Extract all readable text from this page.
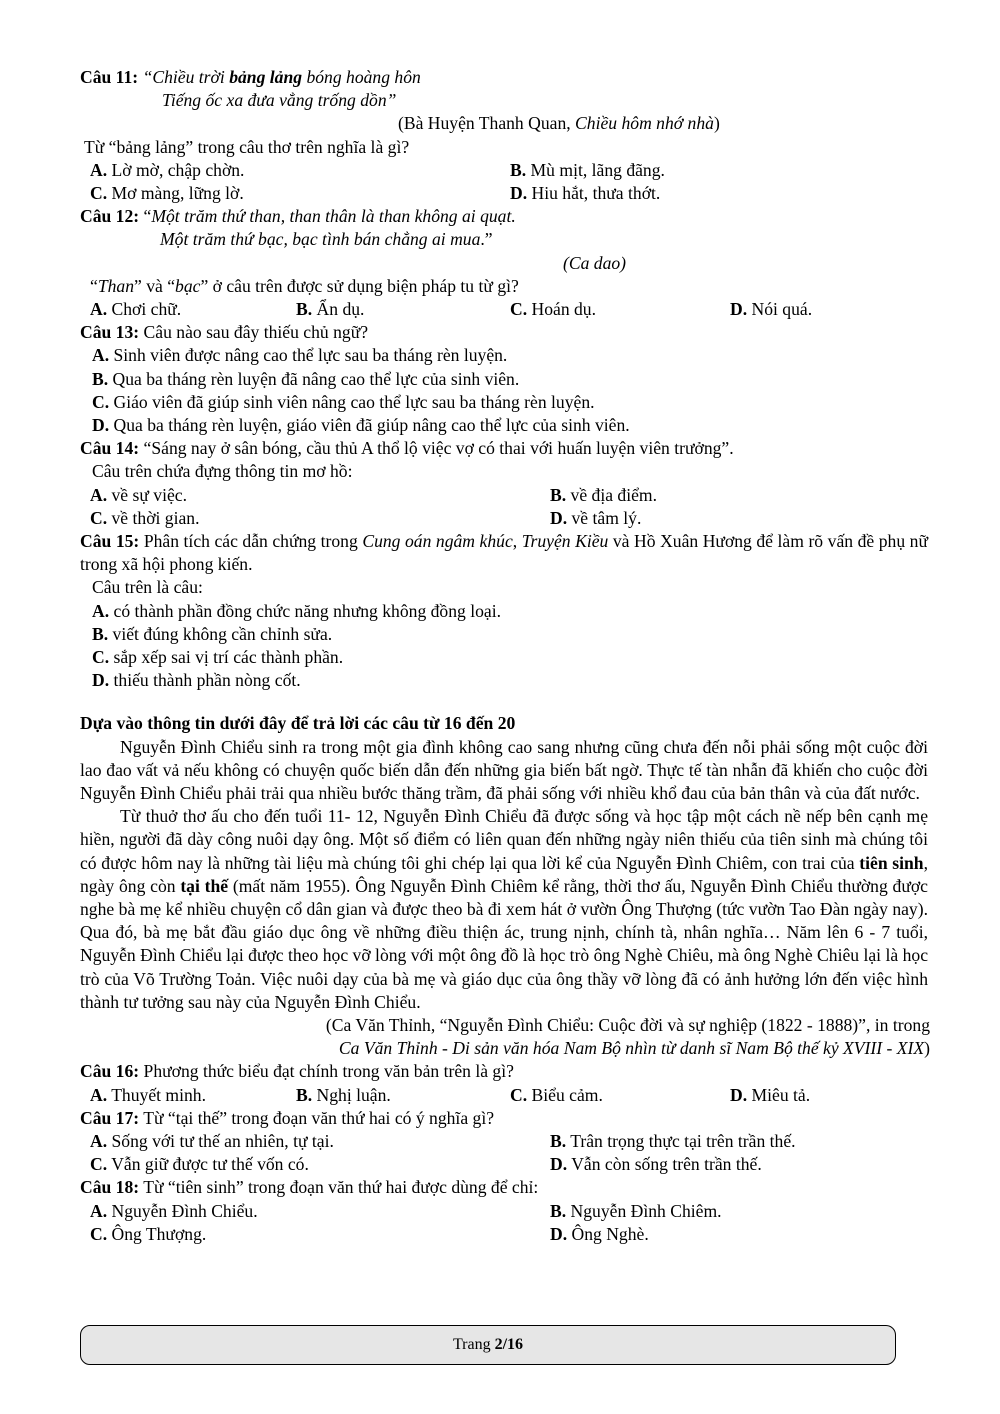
Câu 11: “Chiều trời bảng lảng bóng hoàng hôn
Tiếng ốc xa đưa vẳng trống dồn”
(Bà Huyện Thanh Quan, Chiều hôm nhớ nhà)
Từ “bảng lảng” trong câu thơ trên nghĩa là gì?
A. Lờ mờ, chập chờn.	B. Mù mịt, lãng đãng.
C. Mơ màng, lững lờ.	D. Hiu hắt, thưa thớt.
Câu 12: “Một trăm thứ than, than thân là than không ai quạt.
Một trăm thứ bạc, bạc tình bán chẳng ai mua.”
(Ca dao)
“Than” và “bạc” ở câu trên được sử dụng biện pháp tu từ gì?
A. Chơi chữ.	B. Ẩn dụ.	C. Hoán dụ.	D. Nói quá.
Câu 13: Câu nào sau đây thiếu chủ ngữ?
A. Sinh viên được nâng cao thể lực sau ba tháng rèn luyện.
B. Qua ba tháng rèn luyện đã nâng cao thể lực của sinh viên.
C. Giáo viên đã giúp sinh viên nâng cao thể lực sau ba tháng rèn luyện.
D. Qua ba tháng rèn luyện, giáo viên đã giúp nâng cao thể lực của sinh viên.
Câu 14: “Sáng nay ở sân bóng, cầu thủ A thổ lộ việc vợ có thai với huấn luyện viên trưởng”.
Câu trên chứa đựng thông tin mơ hồ:
A. về sự việc.	B. về địa điểm.
C. về thời gian.	D. về tâm lý.
Câu 15: Phân tích các dẫn chứng trong Cung oán ngâm khúc, Truyện Kiều và Hồ Xuân Hương để làm rõ vấn đề phụ nữ trong xã hội phong kiến.
Câu trên là câu:
A. có thành phần đồng chức năng nhưng không đồng loại.
B. viết đúng không cần chỉnh sửa.
C. sắp xếp sai vị trí các thành phần.
D. thiếu thành phần nòng cốt.
Dựa vào thông tin dưới đây để trả lời các câu từ 16 đến 20
Nguyễn Đình Chiểu sinh ra trong một gia đình không cao sang nhưng cũng chưa đến nỗi phải sống một cuộc đời lao đao vất vả nếu không có chuyện quốc biến dẫn đến những gia biến bất ngờ. Thực tế tàn nhẫn đã khiến cho cuộc đời Nguyễn Đình Chiểu phải trải qua nhiều bước thăng trầm, đã phải sống với nhiều khổ đau của bản thân và của đất nước.
Từ thuở thơ ấu cho đến tuổi 11- 12, Nguyễn Đình Chiểu đã được sống và học tập một cách nề nếp bên cạnh mẹ hiền, người đã dày công nuôi dạy ông. Một số điểm có liên quan đến những ngày niên thiếu của tiên sinh mà chúng tôi có được hôm nay là những tài liệu mà chúng tôi ghi chép lại qua lời kể của Nguyễn Đình Chiêm, con trai của tiên sinh, ngày ông còn tại thế (mất năm 1955). Ông Nguyễn Đình Chiêm kể rằng, thời thơ ấu, Nguyễn Đình Chiểu thường được nghe bà mẹ kể nhiều chuyện cổ dân gian và được theo bà đi xem hát ở vườn Ông Thượng (tức vườn Tao Đàn ngày nay). Qua đó, bà mẹ bắt đầu giáo dục ông về những điều thiện ác, trung nịnh, chính tà, nhân nghĩa… Năm lên 6 - 7 tuổi, Nguyễn Đình Chiểu lại được theo học vỡ lòng với một ông đồ là học trò ông Nghè Chiêu, mà ông Nghè Chiêu lại là học trò của Võ Trường Toản. Việc nuôi dạy của bà mẹ và giáo dục của ông thầy vỡ lòng đã có ảnh hưởng lớn đến việc hình thành tư tưởng sau này của Nguyễn Đình Chiểu.
(Ca Văn Thỉnh, “Nguyễn Đình Chiểu: Cuộc đời và sự nghiệp (1822 - 1888)”, in trong
Ca Văn Thỉnh - Di sản văn hóa Nam Bộ nhìn từ danh sĩ Nam Bộ thế kỷ XVIII - XIX)
Câu 16: Phương thức biểu đạt chính trong văn bản trên là gì?
A. Thuyết minh.	B. Nghị luận.	C. Biểu cảm.	D. Miêu tả.
Câu 17: Từ “tại thế” trong đoạn văn thứ hai có ý nghĩa gì?
A. Sống với tư thế an nhiên, tự tại.	B. Trân trọng thực tại trên trần thế.
C. Vẫn giữ được tư thế vốn có.	D. Vẫn còn sống trên trần thế.
Câu 18: Từ “tiên sinh” trong đoạn văn thứ hai được dùng để chỉ:
A. Nguyễn Đình Chiểu.	B. Nguyễn Đình Chiêm.
C. Ông Thượng.	D. Ông Nghè.
Trang 2/16
